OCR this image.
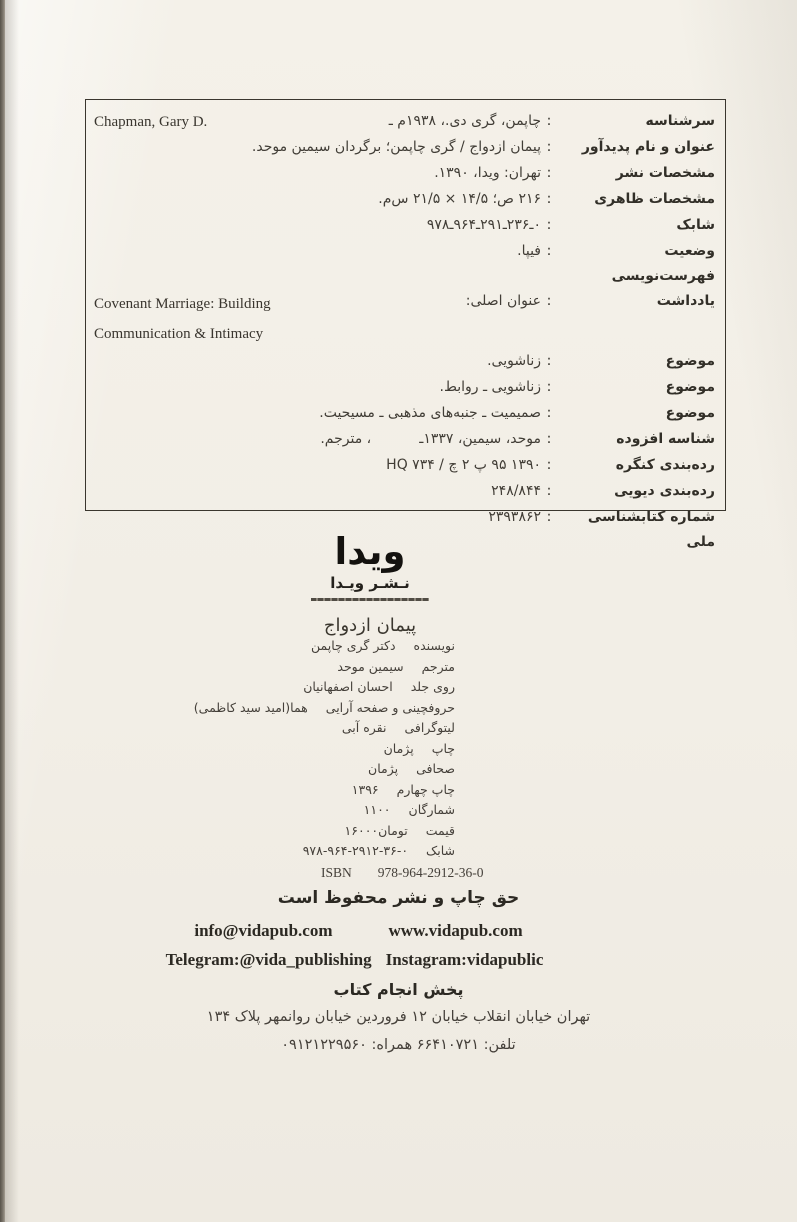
سرشناسه
:
چاپمن، گری دی.، ۱۹۳۸م ـ
Chapman, Gary D.
عنوان و نام پدیدآور
:
پیمان ازدواج / گری چاپمن؛ برگردان سیمین موحد.
مشخصات نشر
:
تهران: ویدا، ۱۳۹۰.
مشخصات ظاهری
:
۲۱۶ ص؛ ۱۴/۵ × ۲۱/۵ س‌م.
شابک
:
۹۷۸ـ۹۶۴ـ۲۹۱ـ۲۳۶ـ۰
وضعیت فهرست‌نویسی
:
فیپا.
یادداشت
:
عنوان اصلی:
Covenant Marriage: Building
Communication & Intimacy
موضوع
:
زناشویی.
موضوع
:
زناشویی ـ روابط.
موضوع
:
صمیمیت ـ جنبه‌های مذهبی ـ مسیحیت.
شناسه افزوده
:
موحد، سیمین، ۱۳۳۷ـ، مترجم.
رده‌بندی کنگره
:
HQ ۷۳۴ / چ ۲ پ ۹۵ ۱۳۹۰
رده‌بندی دیویی
:
۲۴۸/۸۴۴
شماره کتابشناسی ملی
:
۲۳۹۳۸۶۲
ویدا
نـشـر ویـدا
پیمان ازدواج
نویسندهدکتر گری چاپمن
مترجمسیمین موحد
روی جلداحسان اصفهانیان
حروفچینی و صفحه آراییهما(امید سید کاظمی)
لیتوگرافینقره آبی
چاپپژمان
صحافیپژمان
چاپ چهارم۱۳۹۶
شمارگان۱۱۰۰
قیمت۱۶۰۰۰تومان
شابک۹۷۸-۹۶۴-۲۹۱۲-۳۶-۰
ISBN 978-964-2912-36-0
حق چاپ و نشر محفوظ است
info@vidapub.com	www.vidapub.com
Telegram:@vida_publishing Instagram:vidapublic
پخش انجام کتاب
تهران خیابان انقلاب خیابان ۱۲ فروردین خیابان روانمهر پلاک ۱۳۴
تلفن: ۶۶۴۱۰۷۲۱ همراه: ۰۹۱۲۱۲۲۹۵۶۰
